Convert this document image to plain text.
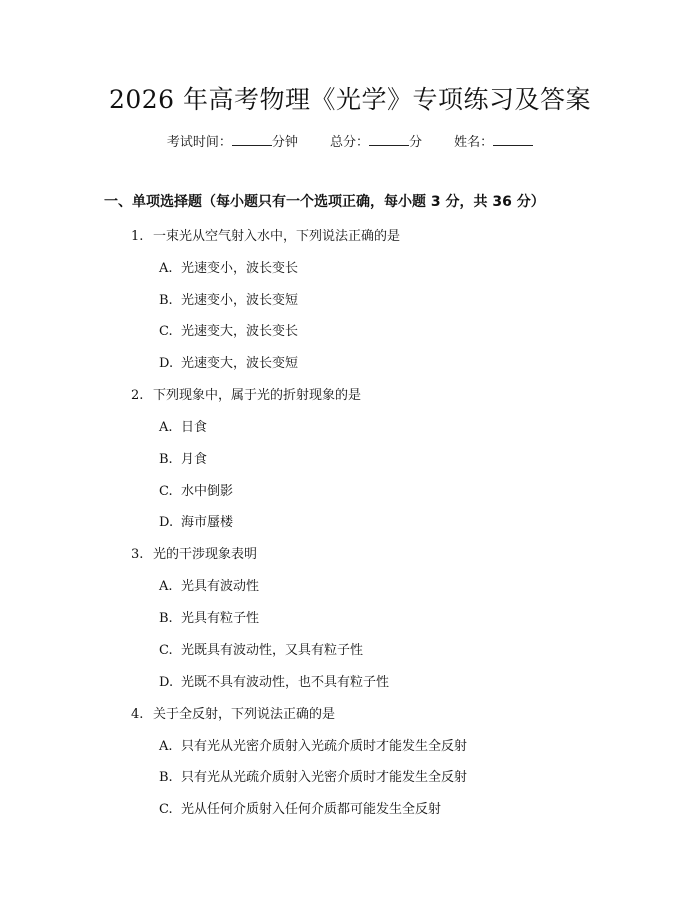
2026 年高考物理《光学》专项练习及答案
考试时间：	分钟 总分：	分 姓名：
一、单项选择题（每小题只有一个选项正确，每小题 3 分，共 36 分）
1. 一束光从空气射入水中，下列说法正确的是
A. 光速变小，波长变长
B. 光速变小，波长变短
C. 光速变大，波长变长
D. 光速变大，波长变短
2. 下列现象中，属于光的折射现象的是
A. 日食
B. 月食
C. 水中倒影
D. 海市蜃楼
3. 光的干涉现象表明
A. 光具有波动性
B. 光具有粒子性
C. 光既具有波动性，又具有粒子性
D. 光既不具有波动性，也不具有粒子性
4. 关于全反射，下列说法正确的是
A. 只有光从光密介质射入光疏介质时才能发生全反射
B. 只有光从光疏介质射入光密介质时才能发生全反射
C. 光从任何介质射入任何介质都可能发生全反射
